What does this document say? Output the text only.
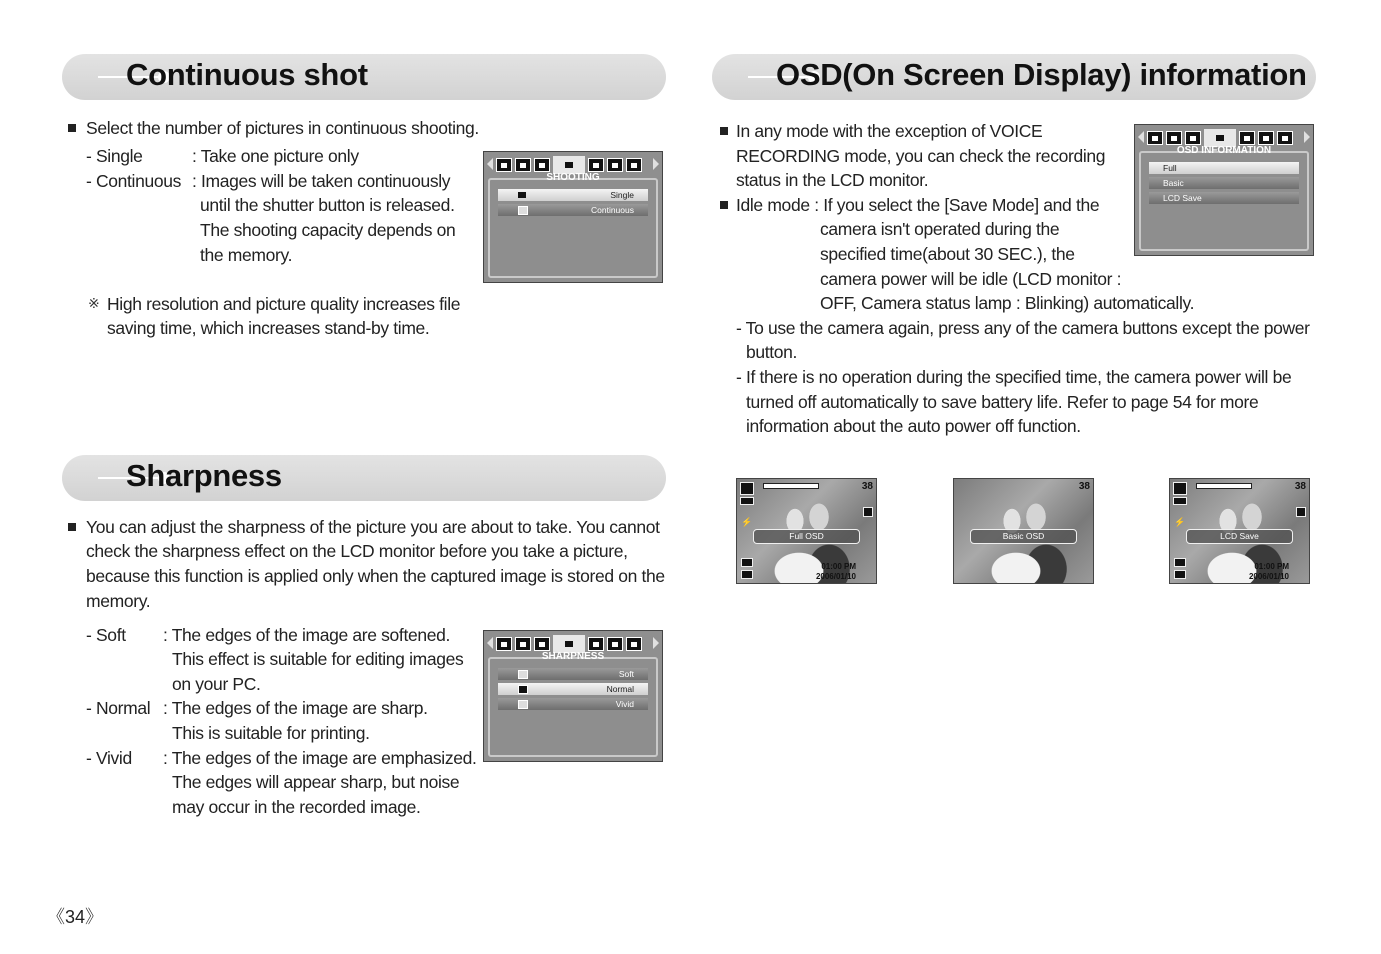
Continuous shot
Select the number of pictures in continuous shooting.
- Single	: Take one picture only
- Continuous : Images will be taken continuously
until the shutter button is released.
The shooting capacity depends on
the memory.
※ High resolution and picture quality increases file
saving time, which increases stand-by time.
SHOOTING
Single
Continuous
Sharpness
You can adjust the sharpness of the picture you are about to take. You cannot
check the sharpness effect on the LCD monitor before you take a picture,
because this function is applied only when the captured image is stored on the
memory.
- Soft : The edges of the image are softened.
This effect is suitable for editing images
on your PC.
- Normal : The edges of the image are sharp.
This is suitable for printing.
- Vivid : The edges of the image are emphasized.
The edges will appear sharp, but noise
may occur in the recorded image.
SHARPNESS
Soft
Normal
Vivid
OSD(On Screen Display) information
In any mode with the exception of VOICE
RECORDING mode, you can check the recording
status in the LCD monitor.
Idle mode : If you select the [Save Mode] and the
camera isn't operated during the
specified time(about 30 SEC.), the
camera power will be idle (LCD monitor :
OFF, Camera status lamp : Blinking) automatically.
- To use the camera again, press any of the camera buttons except the power
button.
- If there is no operation during the specified time, the camera power will be
turned off automatically to save battery life. Refer to page 54 for more
information about the auto power off function.
OSD INFORMATION
Full
Basic
LCD Save
38
⚡
Full OSD
01:00 PM
2006/01/10
38
Basic OSD
38
⚡
LCD Save
01:00 PM
2006/01/10
《34》
